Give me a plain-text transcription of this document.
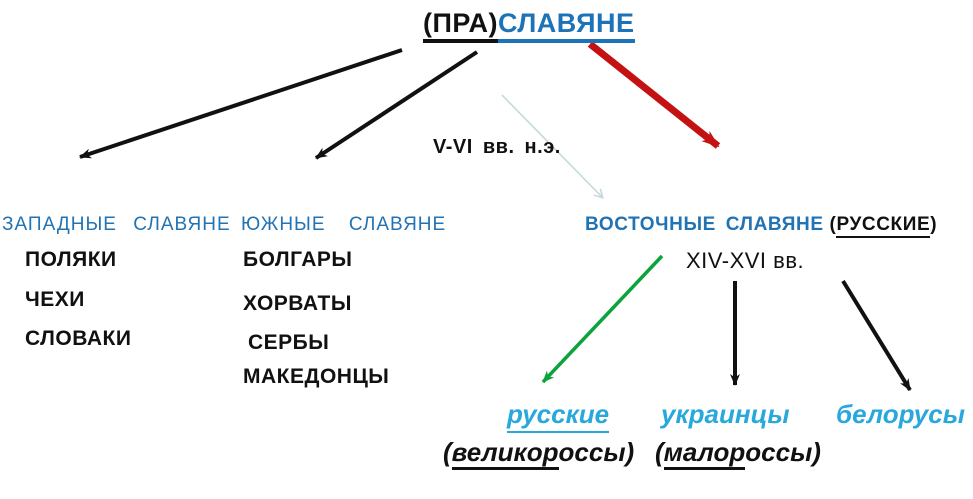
(ПРА)СЛАВЯНЕ
V-VI вв. н.э.
ЗАПАДНЫЕ СЛАВЯНЕ ЮЖНЫЕ СЛАВЯНЕ	ВОСТОЧНЫЕ СЛАВЯНЕ (РУССКИЕ)
XIV-XVI вв.
ПОЛЯКИ
ЧЕХИ
СЛОВАКИ
БОЛГАРЫ
ХОРВАТЫ
СЕРБЫ
МАКЕДОНЦЫ
русские украинцы белорусы
(великороссы) (малороссы)
